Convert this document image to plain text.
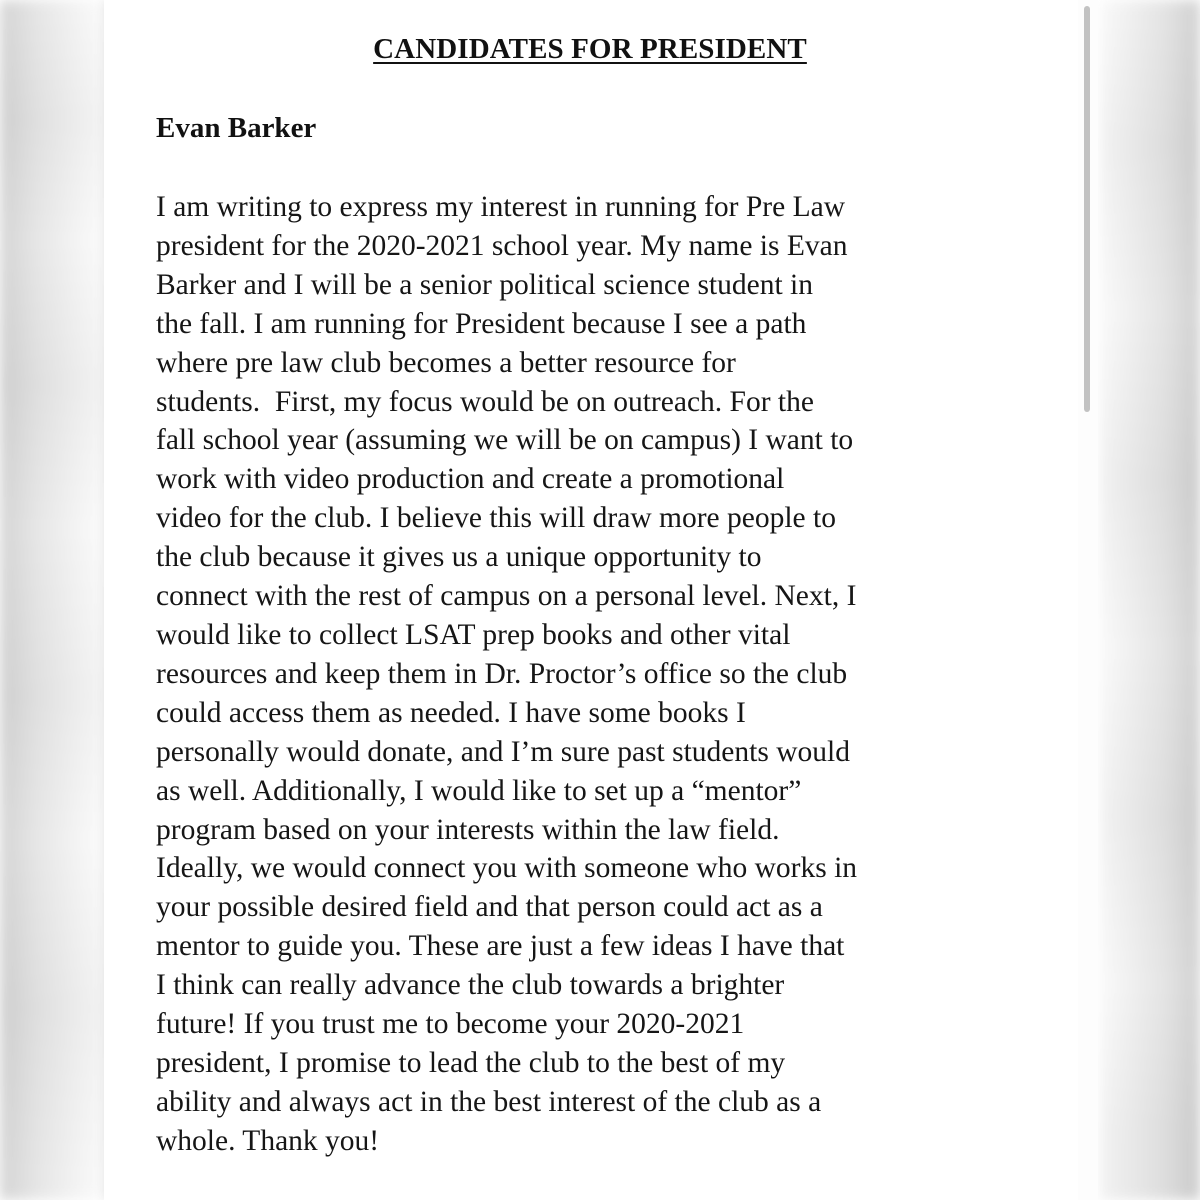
CANDIDATES FOR PRESIDENT
Evan Barker

I am writing to express my interest in running for Pre Law
president for the 2020-2021 school year. My name is Evan
Barker and I will be a senior political science student in
the fall. I am running for President because I see a path
where pre law club becomes a better resource for
students.  First, my focus would be on outreach. For the
fall school year (assuming we will be on campus) I want to
work with video production and create a promotional
video for the club. I believe this will draw more people to
the club because it gives us a unique opportunity to
connect with the rest of campus on a personal level. Next, I
would like to collect LSAT prep books and other vital
resources and keep them in Dr. Proctor’s office so the club
could access them as needed. I have some books I
personally would donate, and I’m sure past students would
as well. Additionally, I would like to set up a “mentor”
program based on your interests within the law field.
Ideally, we would connect you with someone who works in
your possible desired field and that person could act as a
mentor to guide you. These are just a few ideas I have that
I think can really advance the club towards a brighter
future! If you trust me to become your 2020-2021
president, I promise to lead the club to the best of my
ability and always act in the best interest of the club as a
whole. Thank you!
